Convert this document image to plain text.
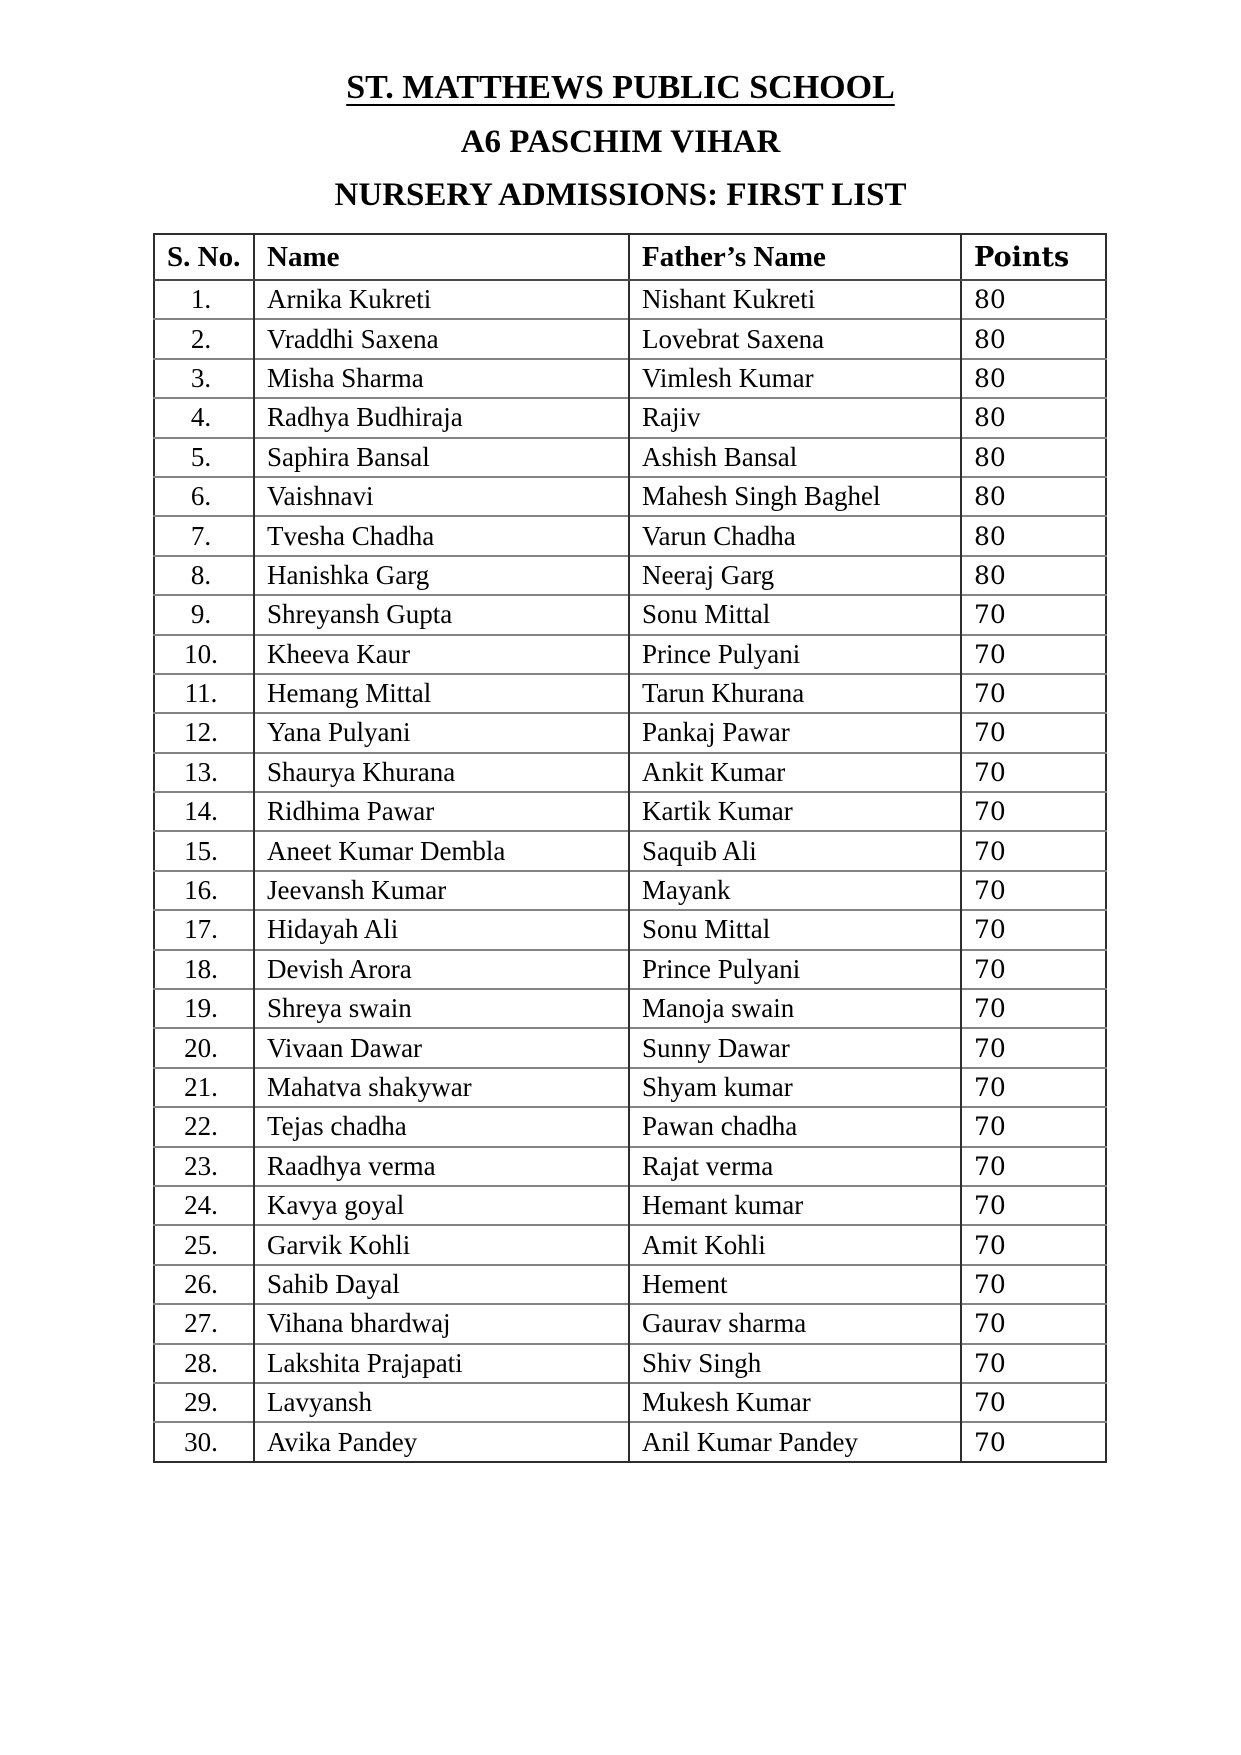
ST. MATTHEWS PUBLIC SCHOOL
A6 PASCHIM VIHAR
NURSERY ADMISSIONS: FIRST LIST
S. No.	Name	Father’s Name	Points
1.	Arnika Kukreti	Nishant Kukreti	80
2.	Vraddhi Saxena	Lovebrat Saxena	80
3.	Misha Sharma	Vimlesh Kumar	80
4.	Radhya Budhiraja	Rajiv	80
5.	Saphira Bansal	Ashish Bansal	80
6.	Vaishnavi	Mahesh Singh Baghel	80
7.	Tvesha Chadha	Varun Chadha	80
8.	Hanishka Garg	Neeraj Garg	80
9.	Shreyansh Gupta	Sonu Mittal	70
10.	Kheeva Kaur	Prince Pulyani	70
11.	Hemang Mittal	Tarun Khurana	70
12.	Yana Pulyani	Pankaj Pawar	70
13.	Shaurya Khurana	Ankit Kumar	70
14.	Ridhima Pawar	Kartik Kumar	70
15.	Aneet Kumar Dembla	Saquib Ali	70
16.	Jeevansh Kumar	Mayank	70
17.	Hidayah Ali	Sonu Mittal	70
18.	Devish Arora	Prince Pulyani	70
19.	Shreya swain	Manoja swain	70
20.	Vivaan Dawar	Sunny Dawar	70
21.	Mahatva shakywar	Shyam kumar	70
22.	Tejas chadha	Pawan chadha	70
23.	Raadhya verma	Rajat verma	70
24.	Kavya goyal	Hemant kumar	70
25.	Garvik Kohli	Amit Kohli	70
26.	Sahib Dayal	Hement	70
27.	Vihana bhardwaj	Gaurav sharma	70
28.	Lakshita Prajapati	Shiv Singh	70
29.	Lavyansh	Mukesh Kumar	70
30.	Avika Pandey	Anil Kumar Pandey	70
